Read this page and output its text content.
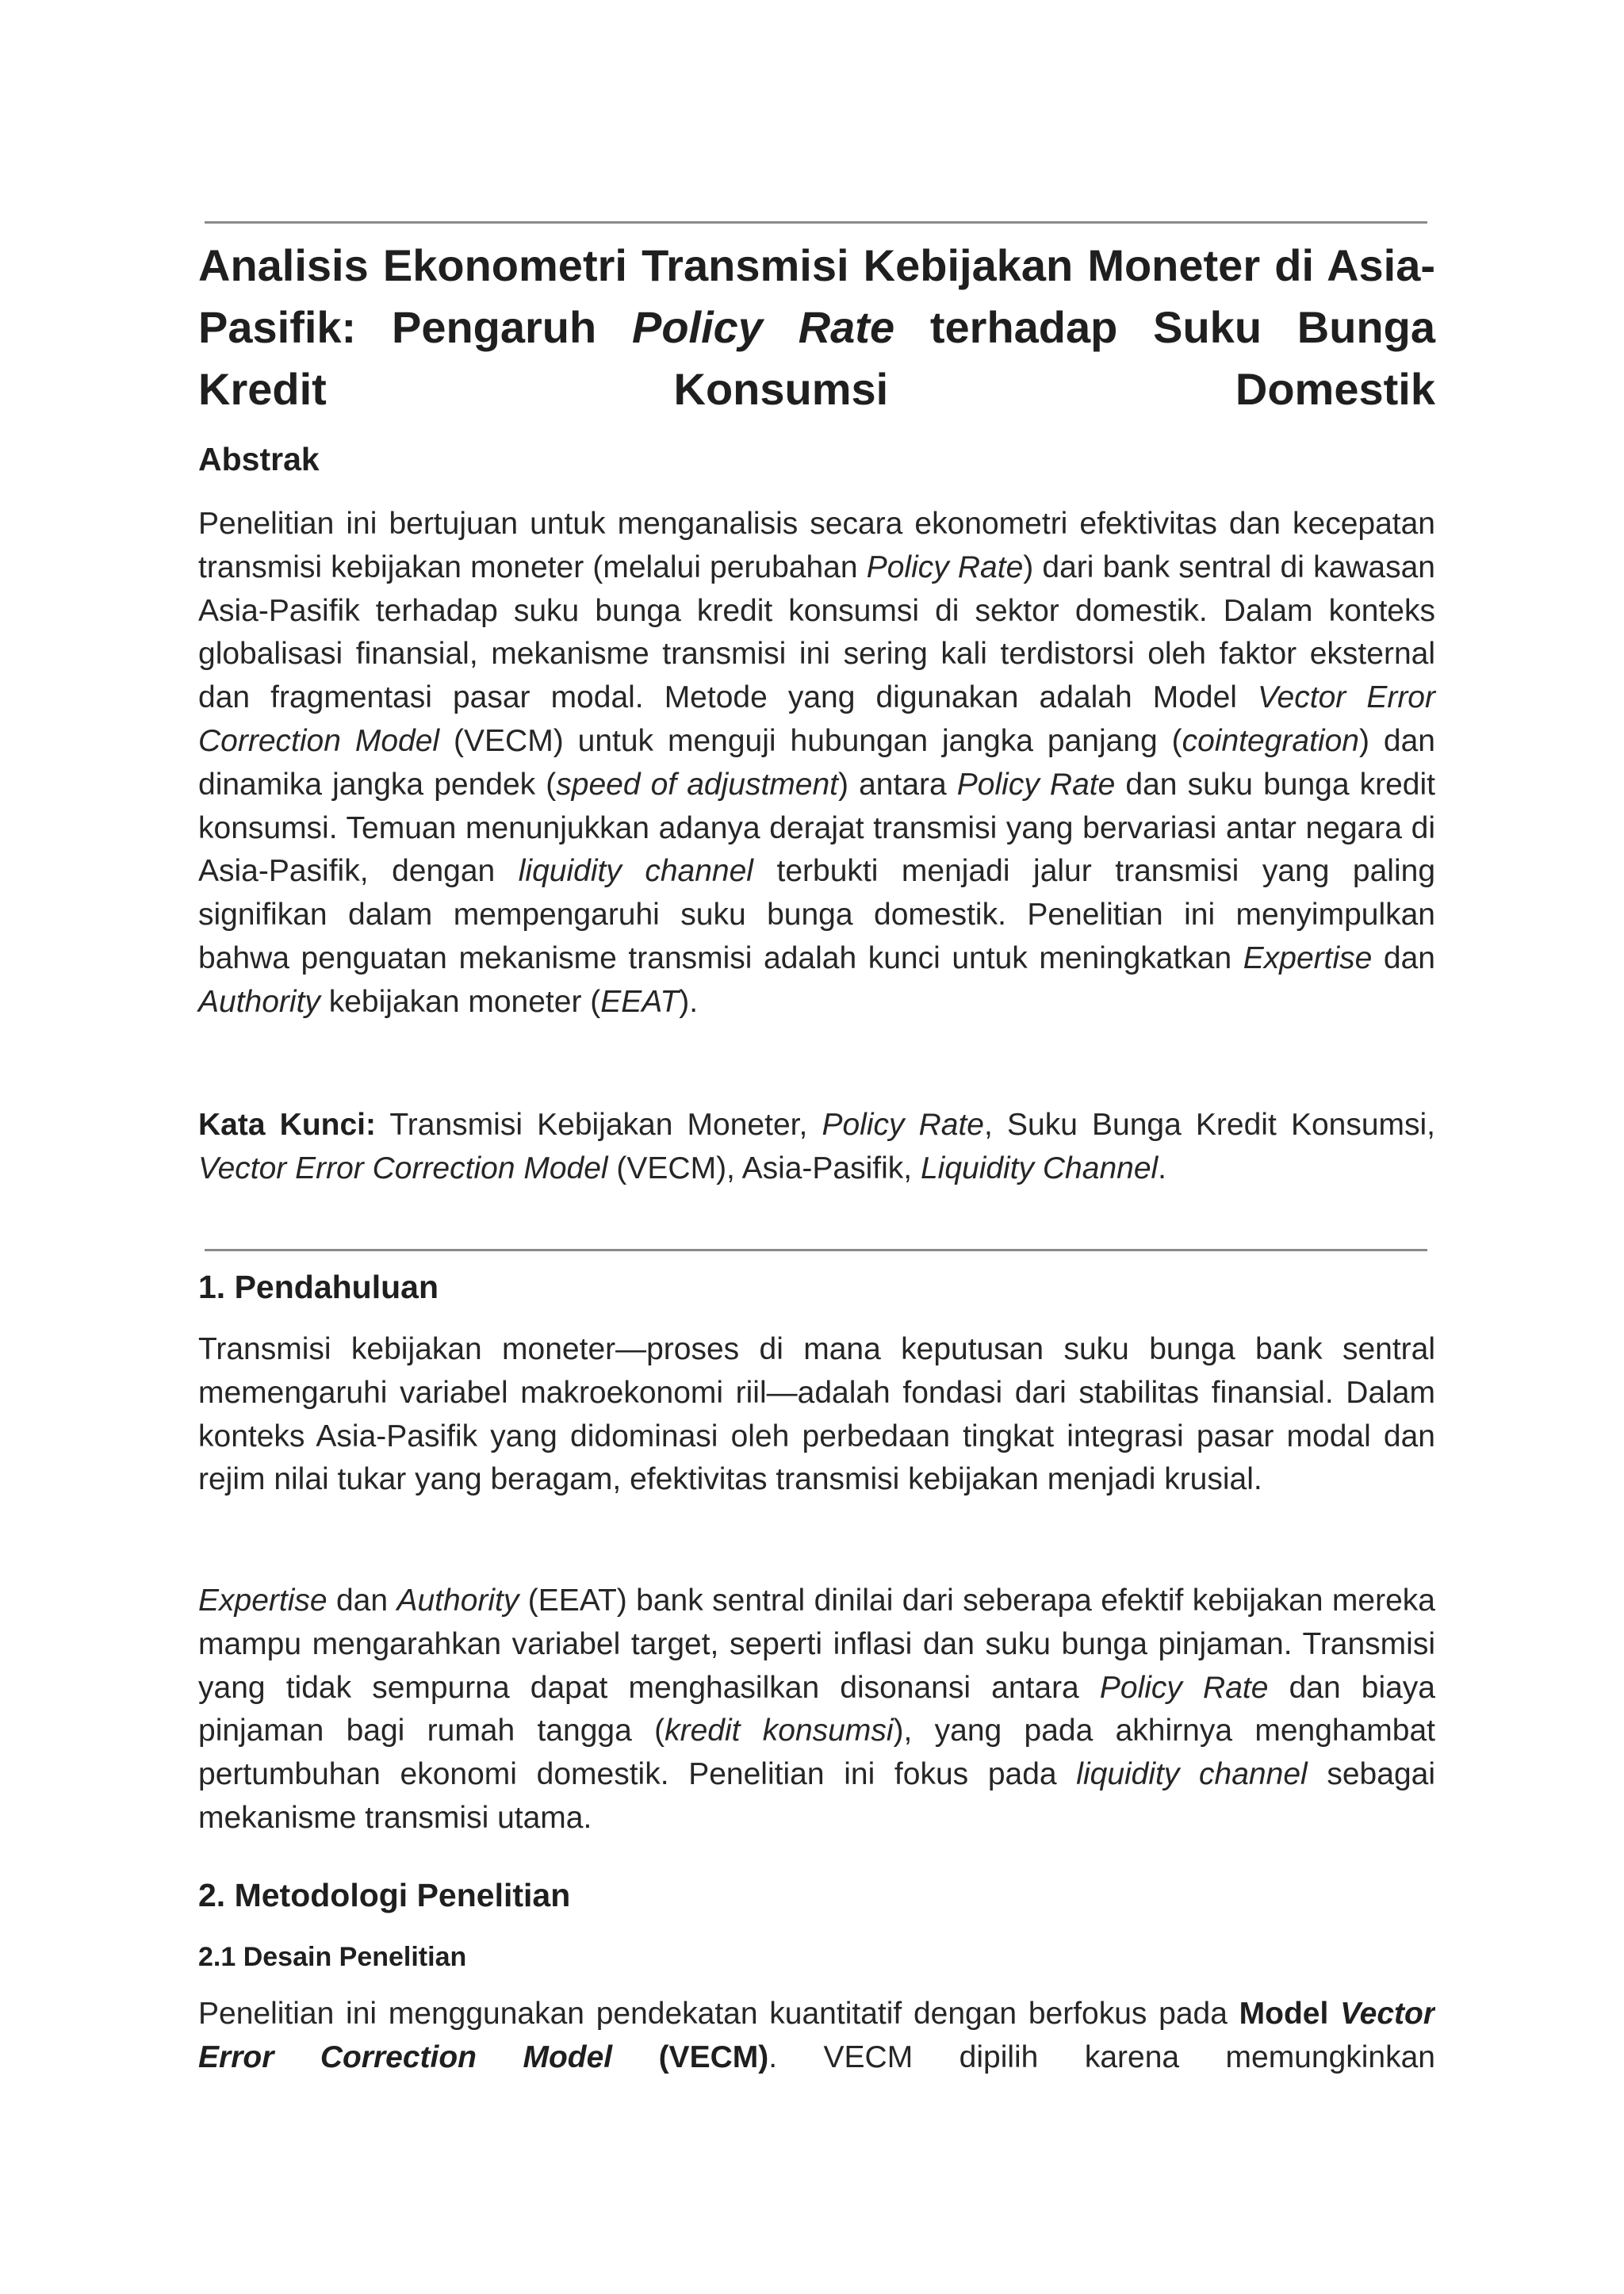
Analisis Ekonometri Transmisi Kebijakan Moneter di Asia-Pasifik: Pengaruh Policy Rate terhadap Suku Bunga Kredit Konsumsi Domestik
Abstrak

Penelitian ini bertujuan untuk menganalisis secara ekonometri efektivitas dan kecepatan transmisi kebijakan moneter (melalui perubahan Policy Rate) dari bank sentral di kawasan Asia-Pasifik terhadap suku bunga kredit konsumsi di sektor domestik. Dalam konteks globalisasi finansial, mekanisme transmisi ini sering kali terdistorsi oleh faktor eksternal dan fragmentasi pasar modal. Metode yang digunakan adalah Model Vector Error Correction Model (VECM) untuk menguji hubungan jangka panjang (cointegration) dan dinamika jangka pendek (speed of adjustment) antara Policy Rate dan suku bunga kredit konsumsi. Temuan menunjukkan adanya derajat transmisi yang bervariasi antar negara di Asia-Pasifik, dengan liquidity channel terbukti menjadi jalur transmisi yang paling signifikan dalam mempengaruhi suku bunga domestik. Penelitian ini menyimpulkan bahwa penguatan mekanisme transmisi adalah kunci untuk meningkatkan Expertise dan Authority kebijakan moneter (EEAT).

Kata Kunci: Transmisi Kebijakan Moneter, Policy Rate, Suku Bunga Kredit Konsumsi, Vector Error Correction Model (VECM), Asia-Pasifik, Liquidity Channel.

1. Pendahuluan

Transmisi kebijakan moneter—proses di mana keputusan suku bunga bank sentral memengaruhi variabel makroekonomi riil—adalah fondasi dari stabilitas finansial. Dalam konteks Asia-Pasifik yang didominasi oleh perbedaan tingkat integrasi pasar modal dan rejim nilai tukar yang beragam, efektivitas transmisi kebijakan menjadi krusial.

Expertise dan Authority (EEAT) bank sentral dinilai dari seberapa efektif kebijakan mereka mampu mengarahkan variabel target, seperti inflasi dan suku bunga pinjaman. Transmisi yang tidak sempurna dapat menghasilkan disonansi antara Policy Rate dan biaya pinjaman bagi rumah tangga (kredit konsumsi), yang pada akhirnya menghambat pertumbuhan ekonomi domestik. Penelitian ini fokus pada liquidity channel sebagai mekanisme transmisi utama.

2. Metodologi Penelitian
2.1 Desain Penelitian

Penelitian ini menggunakan pendekatan kuantitatif dengan berfokus pada Model Vector Error Correction Model (VECM). VECM dipilih karena memungkinkan
